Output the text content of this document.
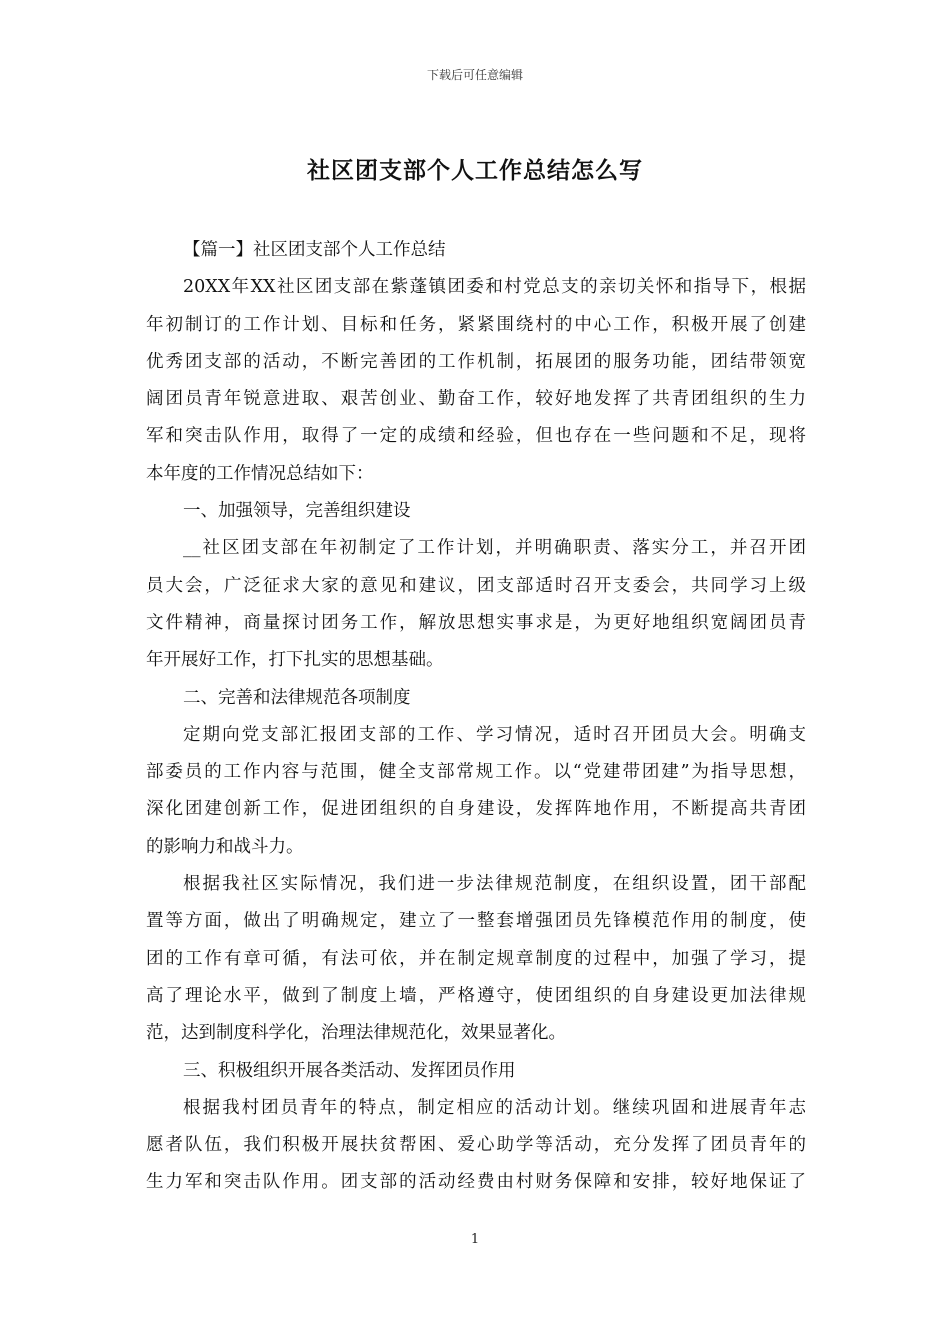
下载后可任意编辑
社区团支部个人工作总结怎么写
【篇一】社区团支部个人工作总结
20XX年XX社区团支部在紫蓬镇团委和村党总支的亲切关怀和指导下，根据
年初制订的工作计划、目标和任务，紧紧围绕村的中心工作，积极开展了创建
优秀团支部的活动，不断完善团的工作机制，拓展团的服务功能，团结带领宽
阔团员青年锐意进取、艰苦创业、勤奋工作，较好地发挥了共青团组织的生力
军和突击队作用，取得了一定的成绩和经验，但也存在一些问题和不足，现将
本年度的工作情况总结如下：
一、加强领导，完善组织建设
__社区团支部在年初制定了工作计划，并明确职责、落实分工，并召开团
员大会，广泛征求大家的意见和建议，团支部适时召开支委会，共同学习上级
文件精神，商量探讨团务工作，解放思想实事求是，为更好地组织宽阔团员青
年开展好工作，打下扎实的思想基础。
二、完善和法律规范各项制度
定期向党支部汇报团支部的工作、学习情况，适时召开团员大会。明确支
部委员的工作内容与范围，健全支部常规工作。以“党建带团建”为指导思想，
深化团建创新工作，促进团组织的自身建设，发挥阵地作用，不断提高共青团
的影响力和战斗力。
根据我社区实际情况，我们进一步法律规范制度，在组织设置，团干部配
置等方面，做出了明确规定，建立了一整套增强团员先锋模范作用的制度，使
团的工作有章可循，有法可依，并在制定规章制度的过程中，加强了学习，提
高了理论水平，做到了制度上墙，严格遵守，使团组织的自身建设更加法律规
范，达到制度科学化，治理法律规范化，效果显著化。
三、积极组织开展各类活动、发挥团员作用
根据我村团员青年的特点，制定相应的活动计划。继续巩固和进展青年志
愿者队伍，我们积极开展扶贫帮困、爱心助学等活动，充分发挥了团员青年的
生力军和突击队作用。团支部的活动经费由村财务保障和安排，较好地保证了
1
